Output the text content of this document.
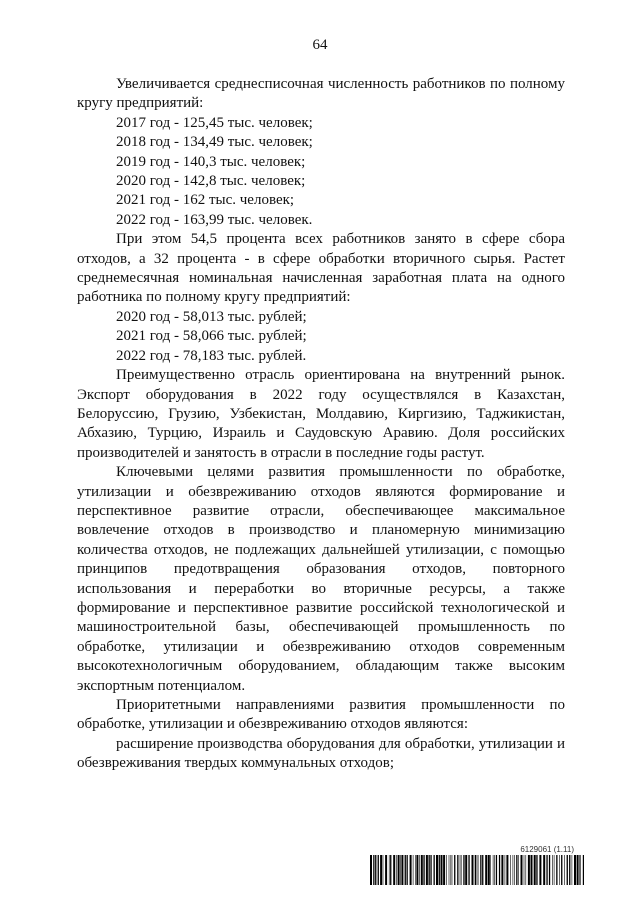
64

Увеличивается среднесписочная численность работников по полному кругу предприятий:

2017 год - 125,45 тыс. человек;

2018 год - 134,49 тыс. человек;

2019 год - 140,3 тыс. человек;

2020 год - 142,8 тыс. человек;

2021 год - 162 тыс. человек;

2022 год - 163,99 тыс. человек.

При этом 54,5 процента всех работников занято в сфере сбора отходов, а 32 процента - в сфере обработки вторичного сырья. Растет среднемесячная номинальная начисленная заработная плата на одного работника по полному кругу предприятий:

2020 год - 58,013 тыс. рублей;

2021 год - 58,066 тыс. рублей;

2022 год - 78,183 тыс. рублей.

Преимущественно отрасль ориентирована на внутренний рынок. Экспорт оборудования в 2022 году осуществлялся в Казахстан, Белоруссию, Грузию, Узбекистан, Молдавию, Киргизию, Таджикистан, Абхазию, Турцию, Израиль и Саудовскую Аравию. Доля российских производителей и занятость в отрасли в последние годы растут.

Ключевыми целями развития промышленности по обработке, утилизации и обезвреживанию отходов являются формирование и перспективное развитие отрасли, обеспечивающее максимальное вовлечение отходов в производство и планомерную минимизацию количества отходов, не подлежащих дальнейшей утилизации, с помощью принципов предотвращения образования отходов, повторного использования и переработки во вторичные ресурсы, а также формирование и перспективное развитие российской технологической и машиностроительной базы, обеспечивающей промышленность по обработке, утилизации и обезвреживанию отходов современным высокотехнологичным оборудованием, обладающим также высоким экспортным потенциалом.

Приоритетными направлениями развития промышленности по обработке, утилизации и обезвреживанию отходов являются:

расширение производства оборудования для обработки, утилизации и обезвреживания твердых коммунальных отходов;

6129061 (1.11)
